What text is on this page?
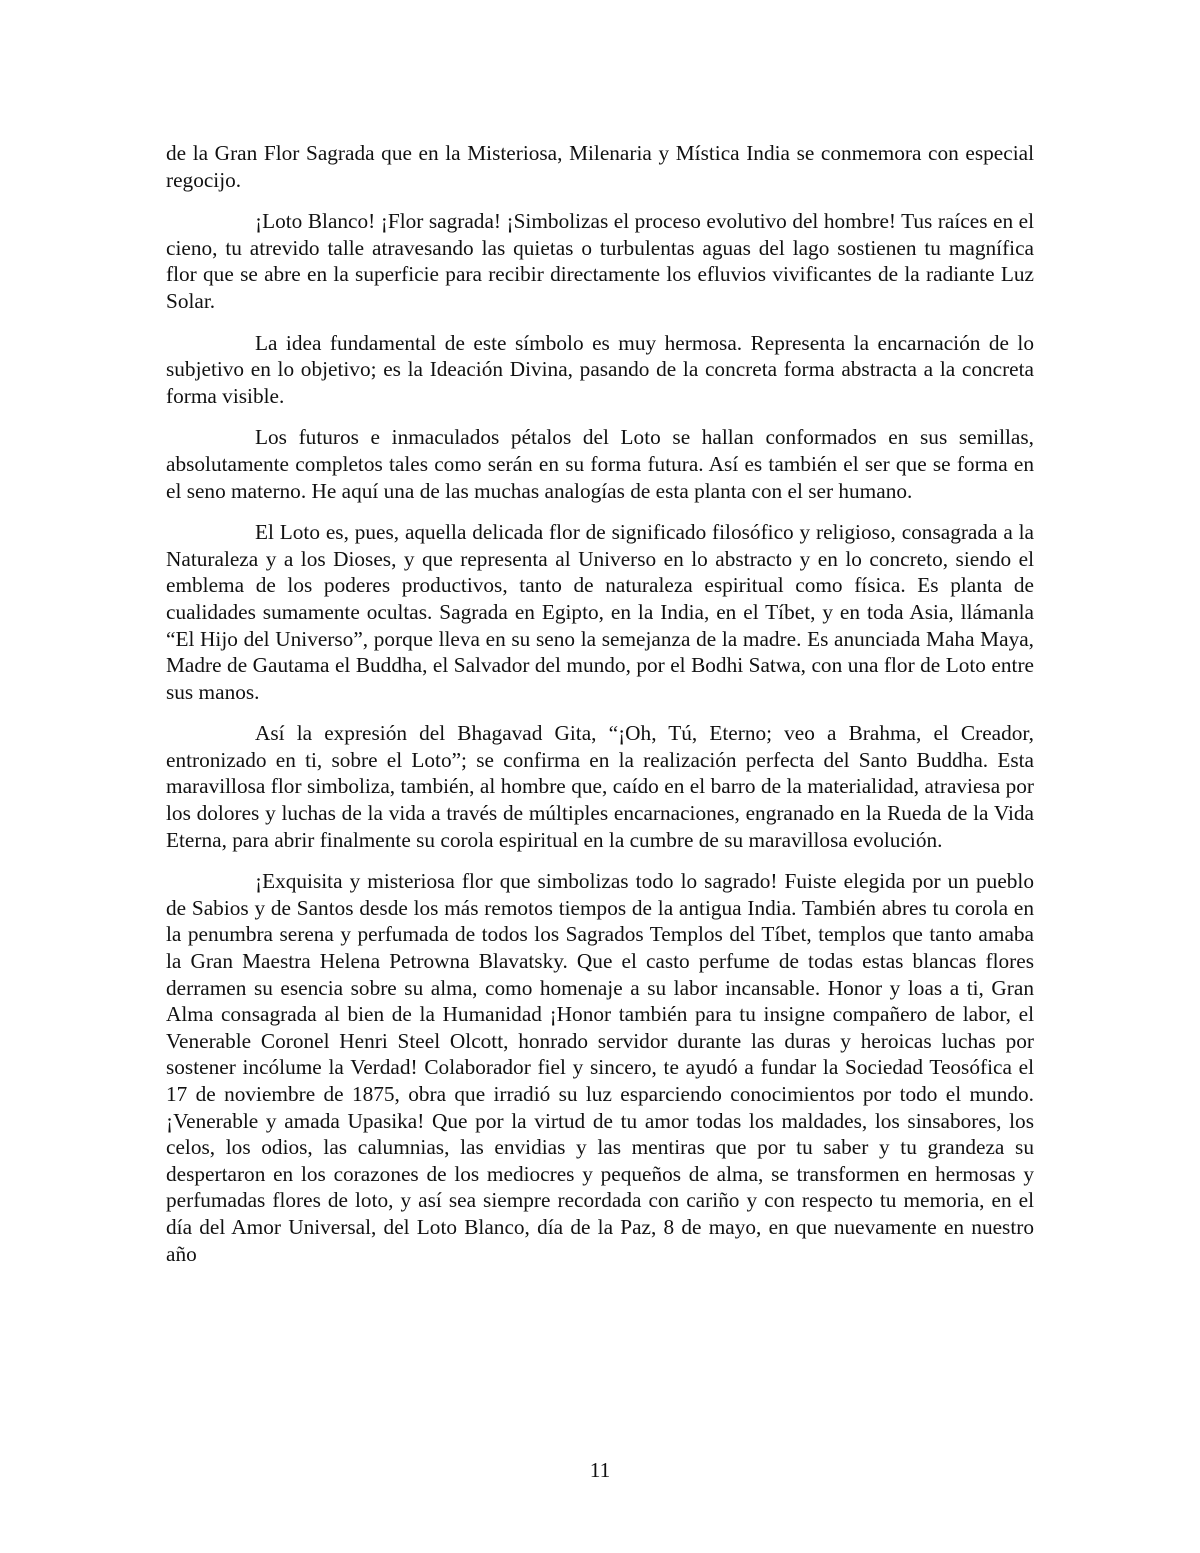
de la Gran Flor Sagrada que en la Misteriosa, Milenaria y Mística India se conmemora con especial regocijo.

¡Loto Blanco! ¡Flor sagrada! ¡Simbolizas el proceso evolutivo del hombre! Tus raíces en el cieno, tu atrevido talle atravesando las quietas o turbulentas aguas del lago sostienen tu magnífica flor que se abre en la superficie para recibir directamente los efluvios vivificantes de la radiante Luz Solar.

La idea fundamental de este símbolo es muy hermosa. Representa la encarnación de lo subjetivo en lo objetivo; es la Ideación Divina, pasando de la concreta forma abstracta a la concreta forma visible.

Los futuros e inmaculados pétalos del Loto se hallan conformados en sus semillas, absolutamente completos tales como serán en su forma futura. Así es también el ser que se forma en el seno materno. He aquí una de las muchas analogías de esta planta con el ser humano.

El Loto es, pues, aquella delicada flor de significado filosófico y religioso, consagrada a la Naturaleza y a los Dioses, y que representa al Universo en lo abstracto y en lo concreto, siendo el emblema de los poderes productivos, tanto de naturaleza espiritual como física. Es planta de cualidades sumamente ocultas. Sagrada en Egipto, en la India, en el Tíbet, y en toda Asia, llámanla “El Hijo del Universo”, porque lleva en su seno la semejanza de la madre. Es anunciada Maha Maya, Madre de Gautama el Buddha, el Salvador del mundo, por el Bodhi Satwa, con una flor de Loto entre sus manos.

Así la expresión del Bhagavad Gita, “¡Oh, Tú, Eterno; veo a Brahma, el Creador, entronizado en ti, sobre el Loto”; se confirma en la realización perfecta del Santo Buddha. Esta maravillosa flor simboliza, también, al hombre que, caído en el barro de la materialidad, atraviesa por los dolores y luchas de la vida a través de múltiples encarnaciones, engranado en la Rueda de la Vida Eterna, para abrir finalmente su corola espiritual en la cumbre de su maravillosa evolución.

¡Exquisita y misteriosa flor que simbolizas todo lo sagrado! Fuiste elegida por un pueblo de Sabios y de Santos desde los más remotos tiempos de la antigua India. También abres tu corola en la penumbra serena y perfumada de todos los Sagrados Templos del Tíbet, templos que tanto amaba la Gran Maestra Helena Petrowna Blavatsky. Que el casto perfume de todas estas blancas flores derramen su esencia sobre su alma, como homenaje a su labor incansable. Honor y loas a ti, Gran Alma consagrada al bien de la Humanidad ¡Honor también para tu insigne compañero de labor, el Venerable Coronel Henri Steel Olcott, honrado servidor durante las duras y heroicas luchas por sostener incólume la Verdad! Colaborador fiel y sincero, te ayudó a fundar la Sociedad Teosófica el 17 de noviembre de 1875, obra que irradió su luz esparciendo conocimientos por todo el mundo. ¡Venerable y amada Upasika! Que por la virtud de tu amor todas los maldades, los sinsabores, los celos, los odios, las calumnias, las envidias y las mentiras que por tu saber y tu grandeza su despertaron en los corazones de los mediocres y pequeños de alma, se transformen en hermosas y perfumadas flores de loto, y así sea siempre recordada con cariño y con respecto tu memoria, en el día del Amor Universal, del Loto Blanco, día de la Paz, 8 de mayo, en que nuevamente en nuestro año

11
